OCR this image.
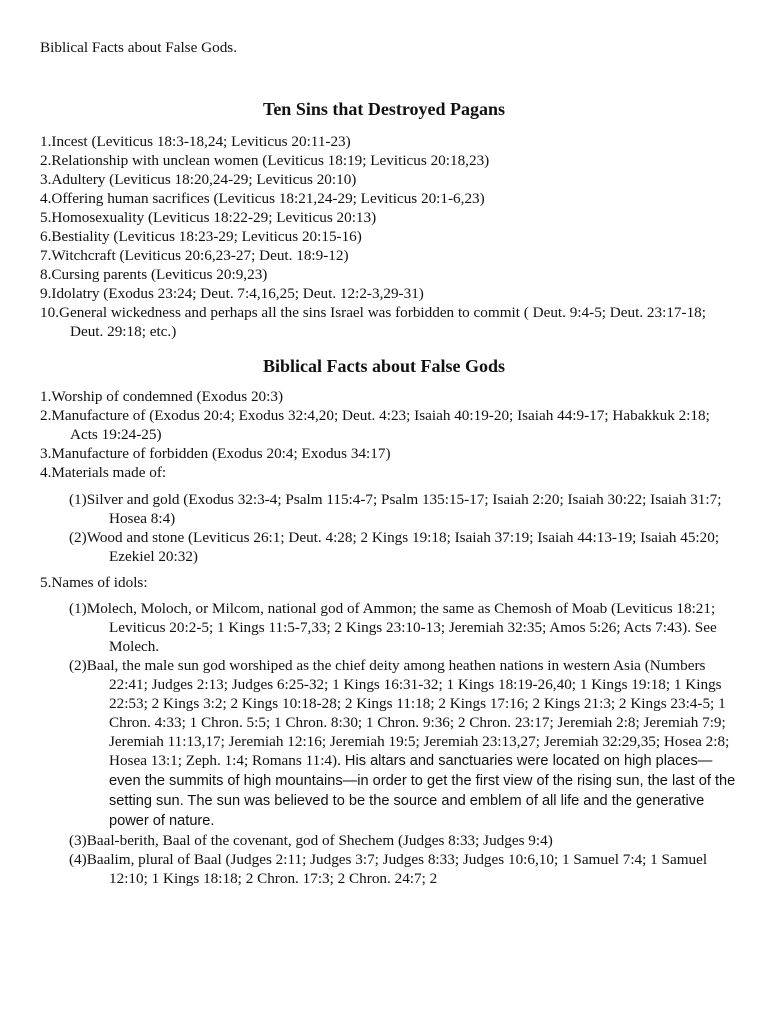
Biblical Facts about False Gods.
Ten Sins that Destroyed Pagans
1.Incest (Leviticus 18:3-18,24; Leviticus 20:11-23)
2.Relationship with unclean women (Leviticus 18:19; Leviticus 20:18,23)
3.Adultery (Leviticus 18:20,24-29; Leviticus 20:10)
4.Offering human sacrifices (Leviticus 18:21,24-29; Leviticus 20:1-6,23)
5.Homosexuality (Leviticus 18:22-29; Leviticus 20:13)
6.Bestiality (Leviticus 18:23-29; Leviticus 20:15-16)
7.Witchcraft (Leviticus 20:6,23-27; Deut. 18:9-12)
8.Cursing parents (Leviticus 20:9,23)
9.Idolatry (Exodus 23:24; Deut. 7:4,16,25; Deut. 12:2-3,29-31)
10.General wickedness and perhaps all the sins Israel was forbidden to commit ( Deut. 9:4-5; Deut. 23:17-18; Deut. 29:18; etc.)
Biblical Facts about False Gods
1.Worship of condemned (Exodus 20:3)
2.Manufacture of (Exodus 20:4; Exodus 32:4,20; Deut. 4:23; Isaiah 40:19-20; Isaiah 44:9-17; Habakkuk 2:18; Acts 19:24-25)
3.Manufacture of forbidden (Exodus 20:4; Exodus 34:17)
4.Materials made of:
(1)Silver and gold (Exodus 32:3-4; Psalm 115:4-7; Psalm 135:15-17; Isaiah 2:20; Isaiah 30:22; Isaiah 31:7; Hosea 8:4)
(2)Wood and stone (Leviticus 26:1; Deut. 4:28; 2 Kings 19:18; Isaiah 37:19; Isaiah 44:13-19; Isaiah 45:20; Ezekiel 20:32)
5.Names of idols:
(1)Molech, Moloch, or Milcom, national god of Ammon; the same as Chemosh of Moab (Leviticus 18:21; Leviticus 20:2-5; 1 Kings 11:5-7,33; 2 Kings 23:10-13; Jeremiah 32:35; Amos 5:26; Acts 7:43). See Molech.
(2)Baal, the male sun god worshiped as the chief deity among heathen nations in western Asia (Numbers 22:41; Judges 2:13; Judges 6:25-32; 1 Kings 16:31-32; 1 Kings 18:19-26,40; 1 Kings 19:18; 1 Kings 22:53; 2 Kings 3:2; 2 Kings 10:18-28; 2 Kings 11:18; 2 Kings 17:16; 2 Kings 21:3; 2 Kings 23:4-5; 1 Chron. 4:33; 1 Chron. 5:5; 1 Chron. 8:30; 1 Chron. 9:36; 2 Chron. 23:17; Jeremiah 2:8; Jeremiah 7:9; Jeremiah 11:13,17; Jeremiah 12:16; Jeremiah 19:5; Jeremiah 23:13,27; Jeremiah 32:29,35; Hosea 2:8; Hosea 13:1; Zeph. 1:4; Romans 11:4). His altars and sanctuaries were located on high places—even the summits of high mountains—in order to get the first view of the rising sun, the last of the setting sun. The sun was believed to be the source and emblem of all life and the generative power of nature.
(3)Baal-berith, Baal of the covenant, god of Shechem (Judges 8:33; Judges 9:4)
(4)Baalim, plural of Baal (Judges 2:11; Judges 3:7; Judges 8:33; Judges 10:6,10; 1 Samuel 7:4; 1 Samuel 12:10; 1 Kings 18:18; 2 Chron. 17:3; 2 Chron. 24:7; 2
